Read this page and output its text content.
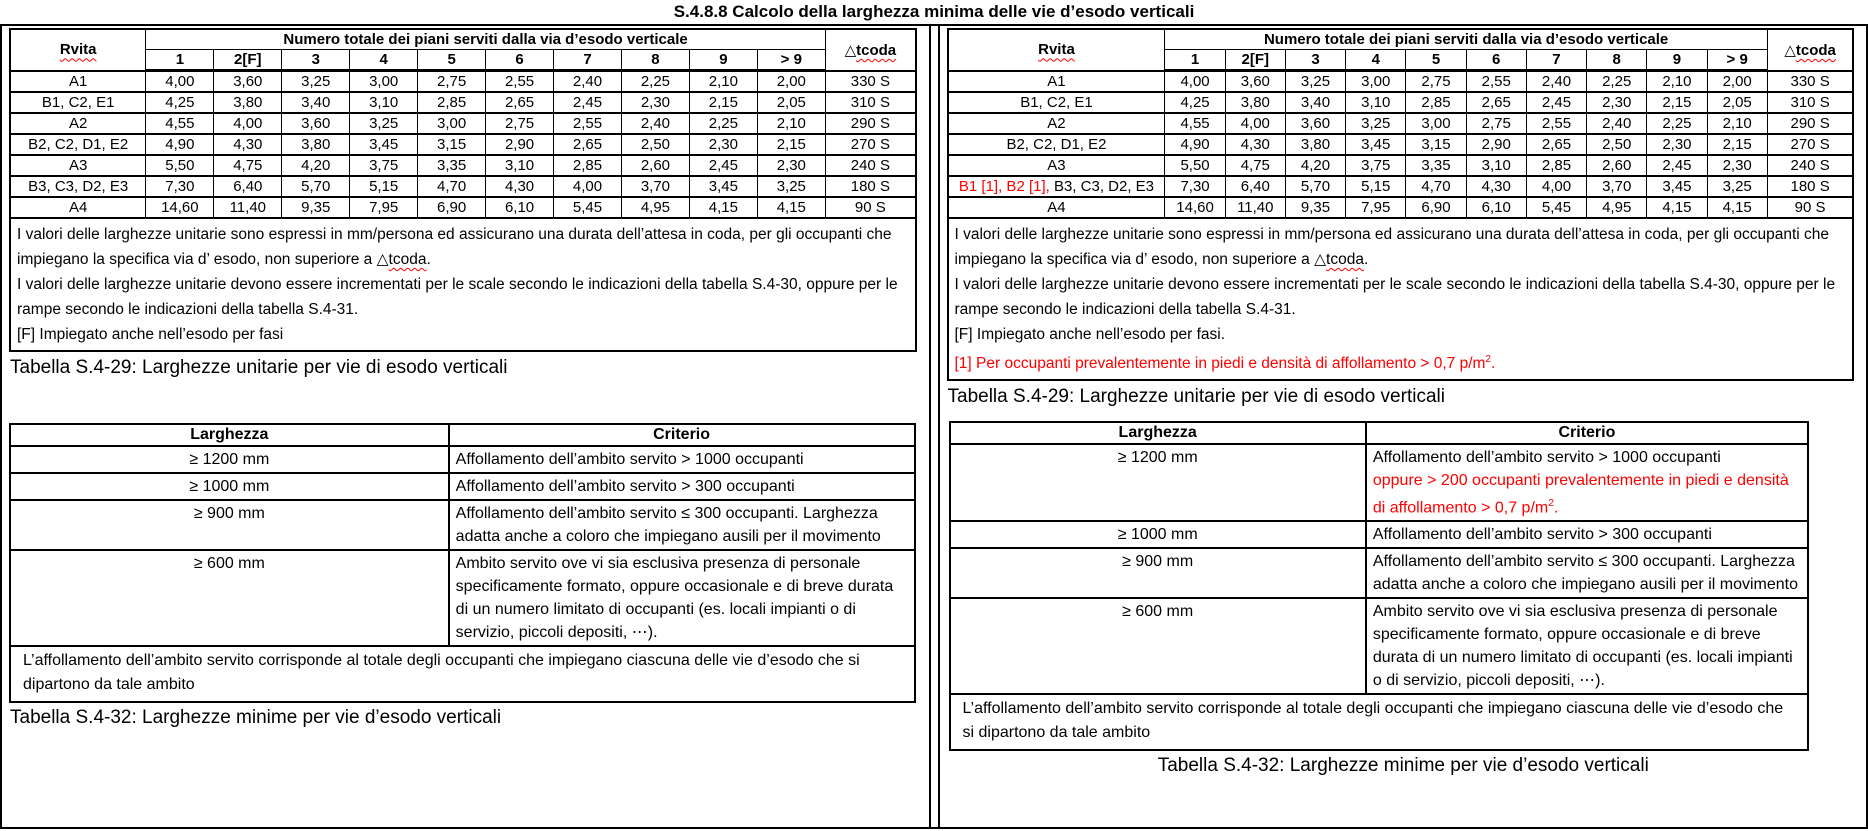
S.4.8.8 Calcolo della larghezza minima delle vie d’esodo verticali
Rvita	Numero totale dei piani serviti dalla via d’esodo verticale										△tcoda
	1	2[F]	3	4	5	6	7	8	9	> 9	
A1	4,00	3,60	3,25	3,00	2,75	2,55	2,40	2,25	2,10	2,00	330 S
B1, C2, E1	4,25	3,80	3,40	3,10	2,85	2,65	2,45	2,30	2,15	2,05	310 S
A2	4,55	4,00	3,60	3,25	3,00	2,75	2,55	2,40	2,25	2,10	290 S
B2, C2, D1, E2	4,90	4,30	3,80	3,45	3,15	2,90	2,65	2,50	2,30	2,15	270 S
A3	5,50	4,75	4,20	3,75	3,35	3,10	2,85	2,60	2,45	2,30	240 S
B3, C3, D2, E3	7,30	6,40	5,70	5,15	4,70	4,30	4,00	3,70	3,45	3,25	180 S
A4	14,60	11,40	9,35	7,95	6,90	6,10	5,45	4,95	4,15	4,15	90 S

I valori delle larghezze unitarie sono espressi in mm/persona ed assicurano una durata dell’attesa in coda, per gli occupanti che impiegano la specifica via d’ esodo, non superiore a △tcoda.
I valori delle larghezze unitarie devono essere incrementati per le scale secondo le indicazioni della tabella S.4-30, oppure per le rampe secondo le indicazioni della tabella S.4-31.
[F] Impiegato anche nell’esodo per fasi											
Tabella S.4-29: Larghezze unitarie per vie di esodo verticali
Larghezza	Criterio
≥ 1200 mm	Affollamento dell’ambito servito > 1000 occupanti

≥ 1000 mm	Affollamento dell’ambito servito > 300 occupanti

≥ 900 mm	Affollamento dell’ambito servito ≤ 300 occupanti. Larghezza adatta anche a coloro che impiegano ausili per il movimento

≥ 600 mm	Ambito servito ove vi sia esclusiva presenza di personale specificamente formato, oppure occasionale e di breve durata di un numero limitato di occupanti (es. locali impianti o di servizio, piccoli depositi, ⋯).

L’affollamento dell’ambito servito corrisponde al totale degli occupanti che impiegano ciascuna delle vie d’esodo che si dipartono da tale ambito	
Tabella S.4-32: Larghezze minime per vie d’esodo verticali
Rvita	Numero totale dei piani serviti dalla via d’esodo verticale										△tcoda
	1	2[F]	3	4	5	6	7	8	9	> 9	
A1	4,00	3,60	3,25	3,00	2,75	2,55	2,40	2,25	2,10	2,00	330 S
B1, C2, E1	4,25	3,80	3,40	3,10	2,85	2,65	2,45	2,30	2,15	2,05	310 S
A2	4,55	4,00	3,60	3,25	3,00	2,75	2,55	2,40	2,25	2,10	290 S
B2, C2, D1, E2	4,90	4,30	3,80	3,45	3,15	2,90	2,65	2,50	2,30	2,15	270 S
A3	5,50	4,75	4,20	3,75	3,35	3,10	2,85	2,60	2,45	2,30	240 S
B1 [1], B2 [1], B3, C3, D2, E3	7,30	6,40	5,70	5,15	4,70	4,30	4,00	3,70	3,45	3,25	180 S
A4	14,60	11,40	9,35	7,95	6,90	6,10	5,45	4,95	4,15	4,15	90 S

I valori delle larghezze unitarie sono espressi in mm/persona ed assicurano una durata dell’attesa in coda, per gli occupanti che impiegano la specifica via d’ esodo, non superiore a △tcoda.
I valori delle larghezze unitarie devono essere incrementati per le scale secondo le indicazioni della tabella S.4-30, oppure per le rampe secondo le indicazioni della tabella S.4-31.
[F] Impiegato anche nell’esodo per fasi.
[1] Per occupanti prevalentemente in piedi e densità di affollamento > 0,7 $p/m^2$.											
Tabella S.4-29: Larghezze unitarie per vie di esodo verticali
Larghezza	Criterio
≥ 1200 mm	Affollamento dell’ambito servito > 1000 occupanti
oppure > 200 occupanti prevalentemente in piedi e densità di affollamento > 0,7 $p/m^2$.

≥ 1000 mm	Affollamento dell’ambito servito > 300 occupanti

≥ 900 mm	Affollamento dell’ambito servito ≤ 300 occupanti. Larghezza adatta anche a coloro che impiegano ausili per il movimento

≥ 600 mm	Ambito servito ove vi sia esclusiva presenza di personale specificamente formato, oppure occasionale e di breve durata di un numero limitato di occupanti (es. locali impianti o di servizio, piccoli depositi, ⋯).

L’affollamento dell’ambito servito corrisponde al totale degli occupanti che impiegano ciascuna delle vie d’esodo che si dipartono da tale ambito	
Tabella S.4-32: Larghezze minime per vie d’esodo verticali
